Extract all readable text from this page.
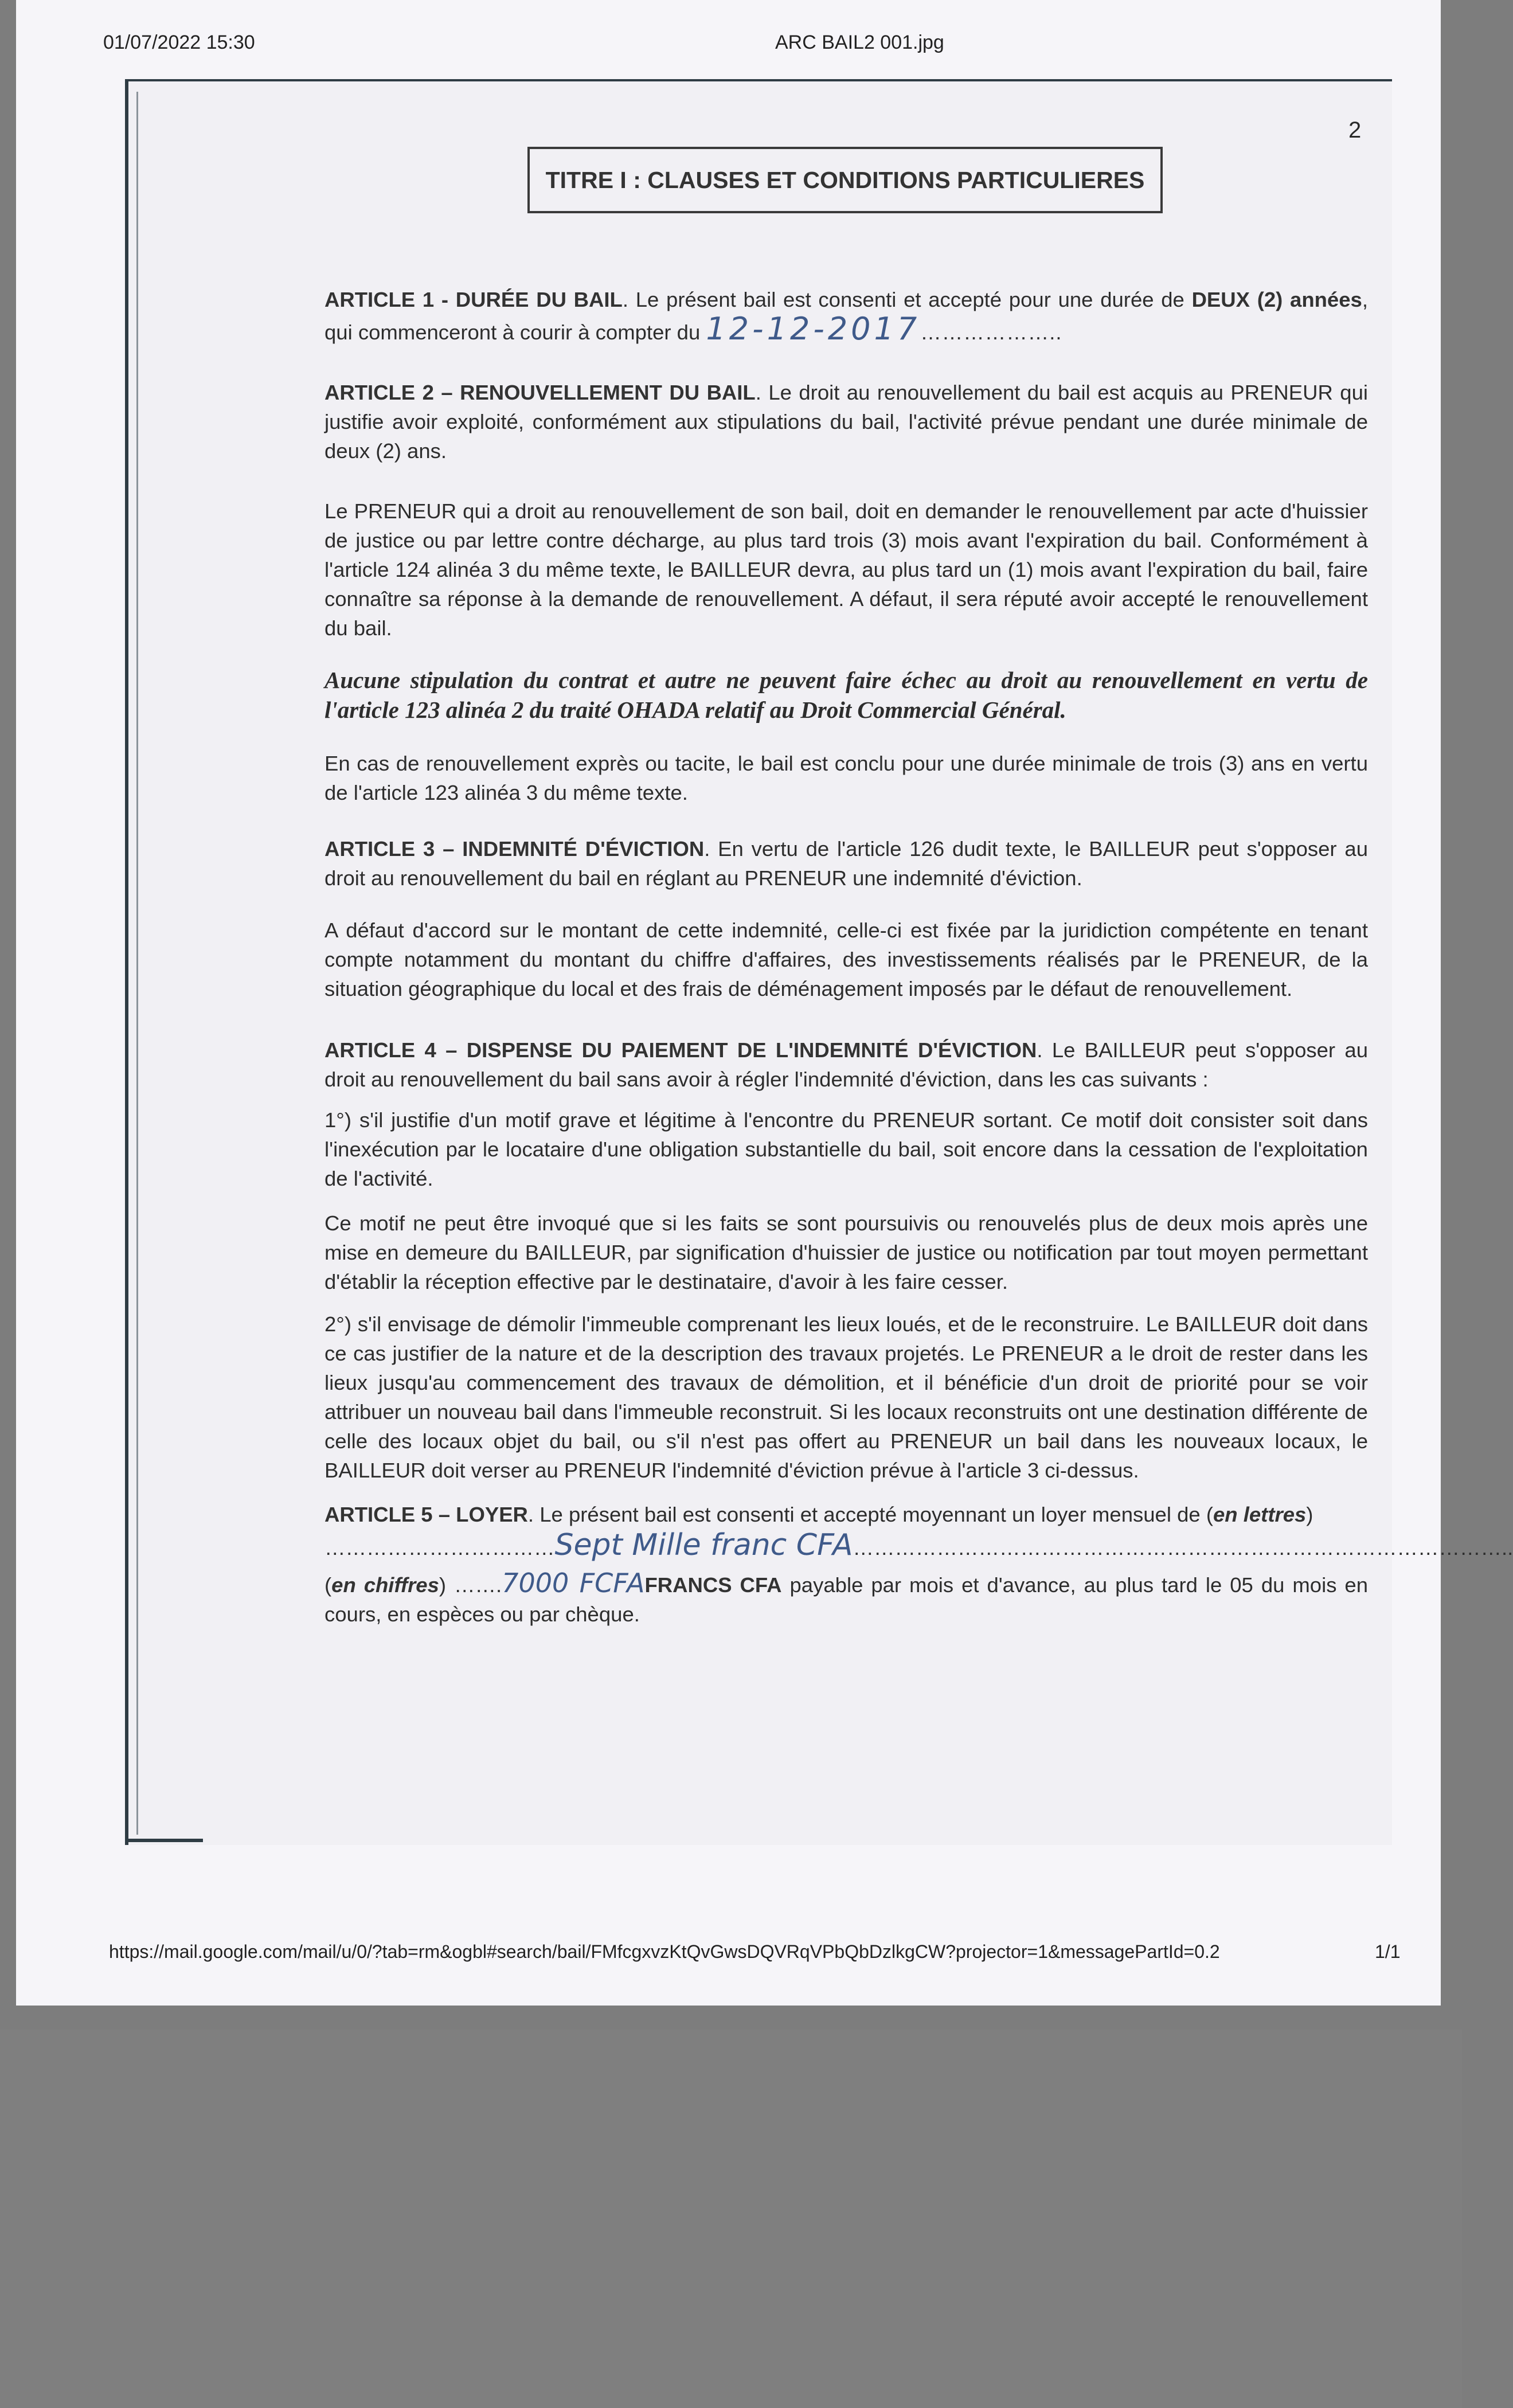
01/07/2022 15:30	ARC BAIL2 001.jpg
2
TITRE I : CLAUSES ET CONDITIONS PARTICULIERES
ARTICLE 1 - DURÉE DU BAIL. Le présent bail est consenti et accepté pour une durée de DEUX (2) années, qui commenceront à courir à compter du 12-12-2017………………..
ARTICLE 2 – RENOUVELLEMENT DU BAIL. Le droit au renouvellement du bail est acquis au PRENEUR qui justifie avoir exploité, conformément aux stipulations du bail, l'activité prévue pendant une durée minimale de deux (2) ans.
Le PRENEUR qui a droit au renouvellement de son bail, doit en demander le renouvellement par acte d'huissier de justice ou par lettre contre décharge, au plus tard trois (3) mois avant l'expiration du bail. Conformément à l'article 124 alinéa 3 du même texte, le BAILLEUR devra, au plus tard un (1) mois avant l'expiration du bail, faire connaître sa réponse à la demande de renouvellement. A défaut, il sera réputé avoir accepté le renouvellement du bail.
Aucune stipulation du contrat et autre ne peuvent faire échec au droit au renouvellement en vertu de l'article 123 alinéa 2 du traité OHADA relatif au Droit Commercial Général.
En cas de renouvellement exprès ou tacite, le bail est conclu pour une durée minimale de trois (3) ans en vertu de l'article 123 alinéa 3 du même texte.
ARTICLE 3 – INDEMNITÉ D'ÉVICTION. En vertu de l'article 126 dudit texte, le BAILLEUR peut s'opposer au droit au renouvellement du bail en réglant au PRENEUR une indemnité d'éviction.
A défaut d'accord sur le montant de cette indemnité, celle-ci est fixée par la juridiction compétente en tenant compte notamment du montant du chiffre d'affaires, des investissements réalisés par le PRENEUR, de la situation géographique du local et des frais de déménagement imposés par le défaut de renouvellement.
ARTICLE 4 – DISPENSE DU PAIEMENT DE L'INDEMNITÉ D'ÉVICTION. Le BAILLEUR peut s'opposer au droit au renouvellement du bail sans avoir à régler l'indemnité d'éviction, dans les cas suivants :
1°) s'il justifie d'un motif grave et légitime à l'encontre du PRENEUR sortant. Ce motif doit consister soit dans l'inexécution par le locataire d'une obligation substantielle du bail, soit encore dans la cessation de l'exploitation de l'activité.
Ce motif ne peut être invoqué que si les faits se sont poursuivis ou renouvelés plus de deux mois après une mise en demeure du BAILLEUR, par signification d'huissier de justice ou notification par tout moyen permettant d'établir la réception effective par le destinataire, d'avoir à les faire cesser.
2°) s'il envisage de démolir l'immeuble comprenant les lieux loués, et de le reconstruire. Le BAILLEUR doit dans ce cas justifier de la nature et de la description des travaux projetés. Le PRENEUR a le droit de rester dans les lieux jusqu'au commencement des travaux de démolition, et il bénéficie d'un droit de priorité pour se voir attribuer un nouveau bail dans l'immeuble reconstruit. Si les locaux reconstruits ont une destination différente de celle des locaux objet du bail, ou s'il n'est pas offert au PRENEUR un bail dans les nouveaux locaux, le BAILLEUR doit verser au PRENEUR l'indemnité d'éviction prévue à l'article 3 ci-dessus.
ARTICLE 5 – LOYER. Le présent bail est consenti et accepté moyennant un loyer mensuel de (en lettres)
……………………………Sept Mille franc CFA…………………………………………………………………………………..
(en chiffres) …….7000 FCFAFRANCS CFA payable par mois et d'avance, au plus tard le 05 du mois en cours, en espèces ou par chèque.
https://mail.google.com/mail/u/0/?tab=rm&ogbl#search/bail/FMfcgxvzKtQvGwsDQVRqVPbQbDzlkgCW?projector=1&messagePartId=0.2	1/1
